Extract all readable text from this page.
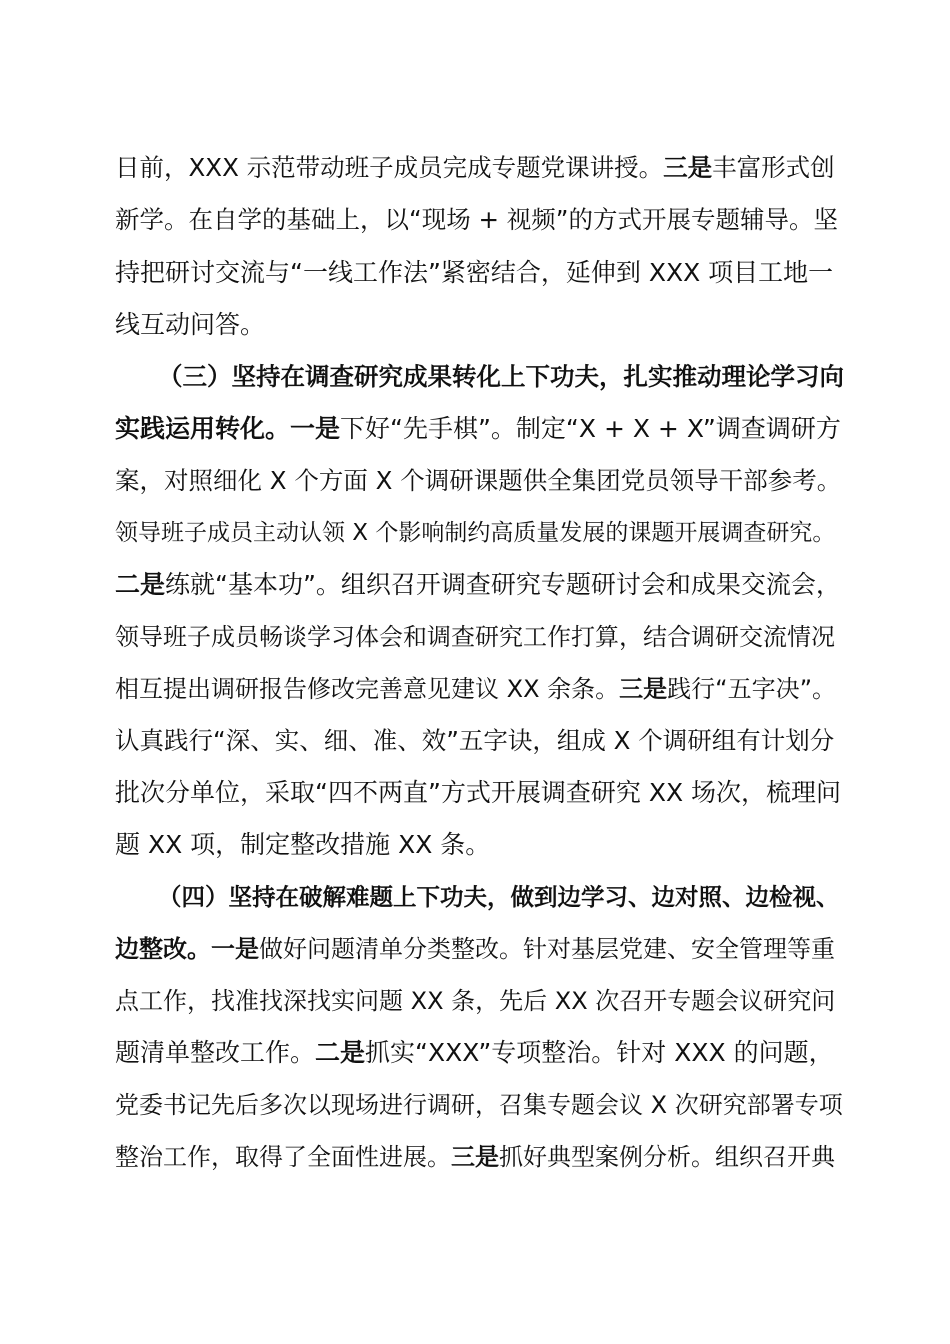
日前，XXX 示范带动班子成员完成专题党课讲授。三是丰富形式创
新学。在自学的基础上，以“现场 + 视频”的方式开展专题辅导。坚
持把研讨交流与“一线工作法”紧密结合，延伸到 XXX 项目工地一
线互动问答。
（三）坚持在调查研究成果转化上下功夫，扎实推动理论学习向
实践运用转化。一是下好“先手棋”。制定“X + X + X”调查调研方
案，对照细化 X 个方面 X 个调研课题供全集团党员领导干部参考。
领导班子成员主动认领 X 个影响制约高质量发展的课题开展调查研究。
二是练就“基本功”。组织召开调查研究专题研讨会和成果交流会，
领导班子成员畅谈学习体会和调查研究工作打算，结合调研交流情况
相互提出调研报告修改完善意见建议 XX 余条。三是践行“五字决”。
认真践行“深、实、细、准、效”五字诀，组成 X 个调研组有计划分
批次分单位，采取“四不两直”方式开展调查研究 XX 场次，梳理问
题 XX 项，制定整改措施 XX 条。
（四）坚持在破解难题上下功夫，做到边学习、边对照、边检视、
边整改。一是做好问题清单分类整改。针对基层党建、安全管理等重
点工作，找准找深找实问题 XX 条，先后 XX 次召开专题会议研究问
题清单整改工作。二是抓实“XXX”专项整治。针对 XXX 的问题，
党委书记先后多次以现场进行调研，召集专题会议 X 次研究部署专项
整治工作，取得了全面性进展。三是抓好典型案例分析。组织召开典
